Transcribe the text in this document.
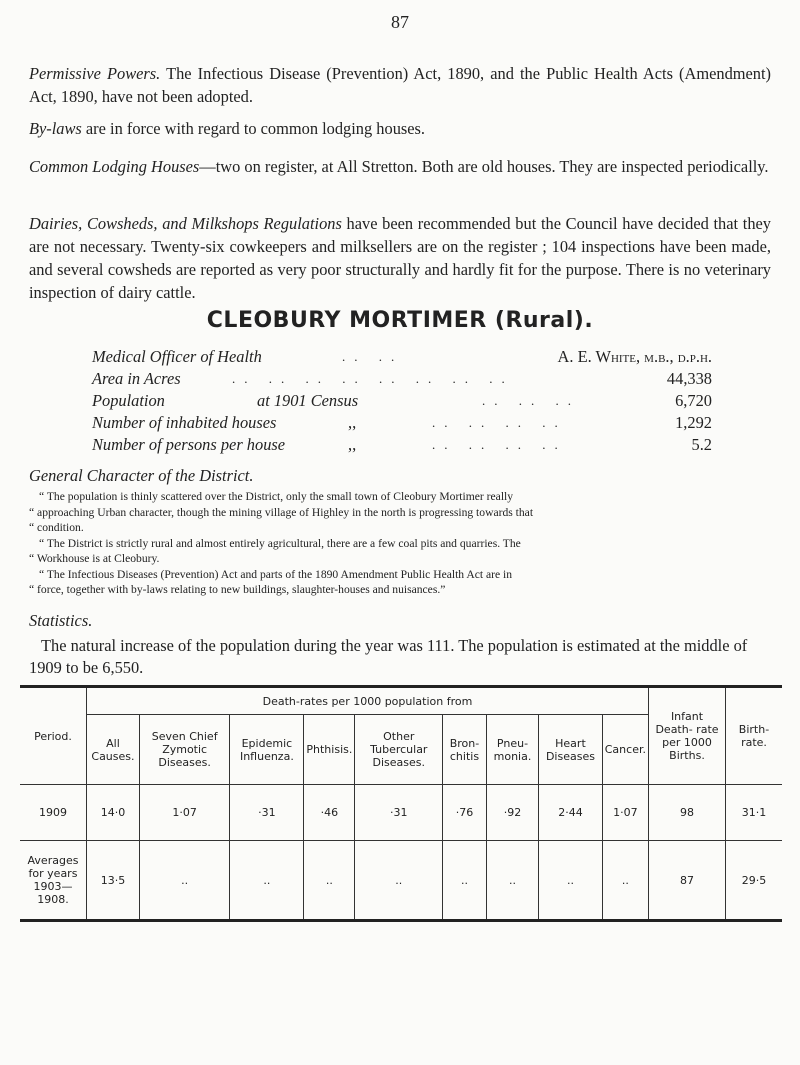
87
Permissive Powers. The Infectious Disease (Prevention) Act, 1890, and the Public Health Acts (Amendment) Act, 1890, have not been adopted.
By-laws are in force with regard to common lodging houses.
Common Lodging Houses—two on register, at All Stretton. Both are old houses. They are inspected periodically.
Dairies, Cowsheds, and Milkshops Regulations have been recommended but the Council have decided that they are not necessary. Twenty-six cowkeepers and milksellers are on the register ; 104 inspections have been made, and several cowsheds are reported as very poor structurally and hardly fit for the purpose. There is no veterinary inspection of dairy cattle.
CLEOBURY MORTIMER (Rural).
Medical Officer of Health	.. ..	A. E. White, m.b., d.p.h.
Area in Acres	.. .. .. .. .. .. .. ..	44,338
Population	at 1901 Census	.. .. ..	6,720
Number of inhabited houses	,,	.. .. .. ..	1,292
Number of persons per house	,,	.. .. .. ..	5.2
General Character of the District.
“ The population is thinly scattered over the District, only the small town of Cleobury Mortimer really
“ approaching Urban character, though the mining village of Highley in the north is progressing towards that
“ condition.
“ The District is strictly rural and almost entirely agricultural, there are a few coal pits and quarries. The
“ Workhouse is at Cleobury.
“ The Infectious Diseases (Prevention) Act and parts of the 1890 Amendment Public Health Act are in
“ force, together with by-laws relating to new buildings, slaughter-houses and nuisances.”
Statistics.
The natural increase of the population during the year was 111. The population is estimated at the middle of 1909 to be 6,550.
Period.	Death-rates per 1000 population from									Infant Death- rate per 1000 Births.	Birth- rate.
	All Causes.	Seven Chief Zymotic Diseases.	Epidemic Influenza.	Phthisis.	Other Tubercular Diseases.	Bron- chitis	Pneu- monia.	Heart Diseases	Cancer.		
1909	14·0	1·07	·31	·46	·31	·76	·92	2·44	1·07	98	31·1
Averages for years 1903— 1908.	13·5	..	..	..	..	..	..	..	..	87	29·5
